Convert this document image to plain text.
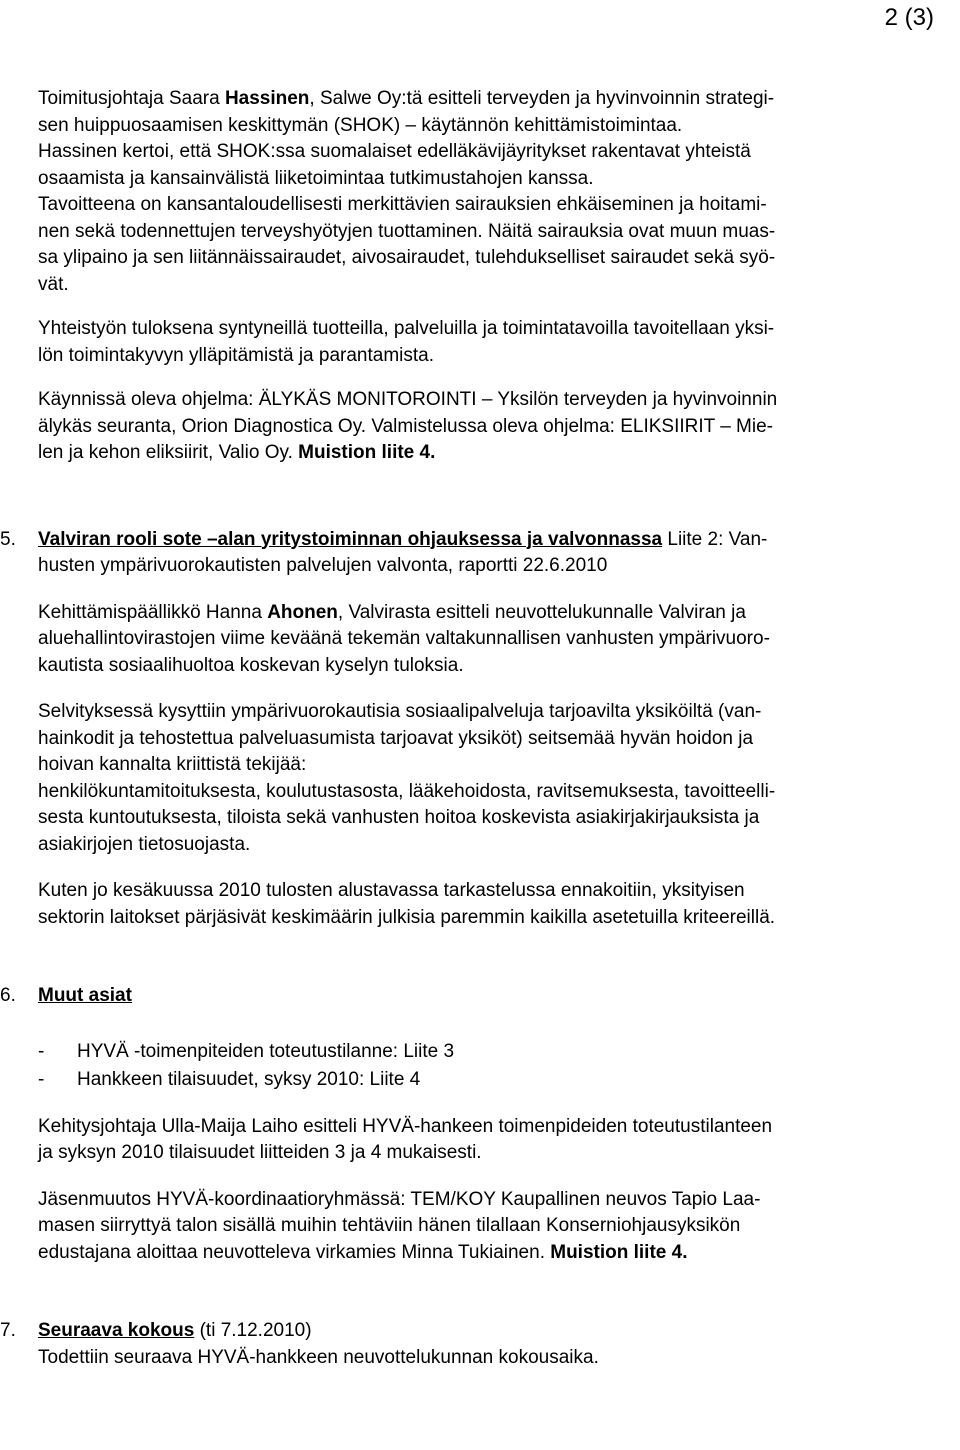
2 (3)

Toimitusjohtaja Saara Hassinen, Salwe Oy:tä esitteli terveyden ja hyvinvoinnin strategi-
sen huippuosaamisen keskittymän (SHOK) – käytännön kehittämistoimintaa.
Hassinen kertoi, että SHOK:ssa suomalaiset edelläkävijäyritykset rakentavat yhteistä
osaamista ja kansainvälistä liiketoimintaa tutkimustahojen kanssa.
Tavoitteena on kansantaloudellisesti merkittävien sairauksien ehkäiseminen ja hoitami-
nen sekä todennettujen terveyshyötyjen tuottaminen. Näitä sairauksia ovat muun muas-
sa ylipaino ja sen liitännäissairaudet, aivosairaudet, tulehdukselliset sairaudet sekä syö-
vät.

Yhteistyön tuloksena syntyneillä tuotteilla, palveluilla ja toimintatavoilla tavoitellaan yksi-
lön toimintakyvyn ylläpitämistä ja parantamista.

Käynnissä oleva ohjelma: ÄLYKÄS MONITOROINTI – Yksilön terveyden ja hyvinvoinnin
älykäs seuranta, Orion Diagnostica Oy. Valmistelussa oleva ohjelma: ELIKSIIRIT – Mie-
len ja kehon eliksiirit, Valio Oy. Muistion liite 4.

5.	Valviran rooli sote –alan yritystoiminnan ohjauksessa ja valvonnassa Liite 2: Van-
husten ympärivuorokautisten palvelujen valvonta, raportti 22.6.2010

Kehittämispäällikkö Hanna Ahonen, Valvirasta esitteli neuvottelukunnalle Valviran ja
aluehallintovirastojen viime keväänä tekemän valtakunnallisen vanhusten ympärivuoro-
kautista sosiaalihuoltoa koskevan kyselyn tuloksia.

Selvityksessä kysyttiin ympärivuorokautisia sosiaalipalveluja tarjoavilta yksiköiltä (van-
hainkodit ja tehostettua palveluasumista tarjoavat yksiköt) seitsemää hyvän hoidon ja
hoivan kannalta kriittistä tekijää:
henkilökuntamitoituksesta, koulutustasosta, lääkehoidosta, ravitsemuksesta, tavoitteelli-
sesta kuntoutuksesta, tiloista sekä vanhusten hoitoa koskevista asiakirjakirjauksista ja
asiakirjojen tietosuojasta.

Kuten jo kesäkuussa 2010 tulosten alustavassa tarkastelussa ennakoitiin, yksityisen
sektorin laitokset pärjäsivät keskimäärin julkisia paremmin kaikilla asetetuilla kriteereillä.

6.	Muut asiat
- HYVÄ -toimenpiteiden toteutustilanne: Liite 3
- Hankkeen tilaisuudet, syksy 2010: Liite 4

Kehitysjohtaja Ulla-Maija Laiho esitteli HYVÄ-hankeen toimenpideiden toteutustilanteen
ja syksyn 2010 tilaisuudet liitteiden 3 ja 4 mukaisesti.

Jäsenmuutos HYVÄ-koordinaatioryhmässä: TEM/KOY Kaupallinen neuvos Tapio Laa-
masen siirryttyä talon sisällä muihin tehtäviin hänen tilallaan Konserniohjausyksikön
edustajana aloittaa neuvotteleva virkamies Minna Tukiainen. Muistion liite 4.

7.	Seuraava kokous (ti 7.12.2010)

Todettiin seuraava HYVÄ-hankkeen neuvottelukunnan kokousaika.
